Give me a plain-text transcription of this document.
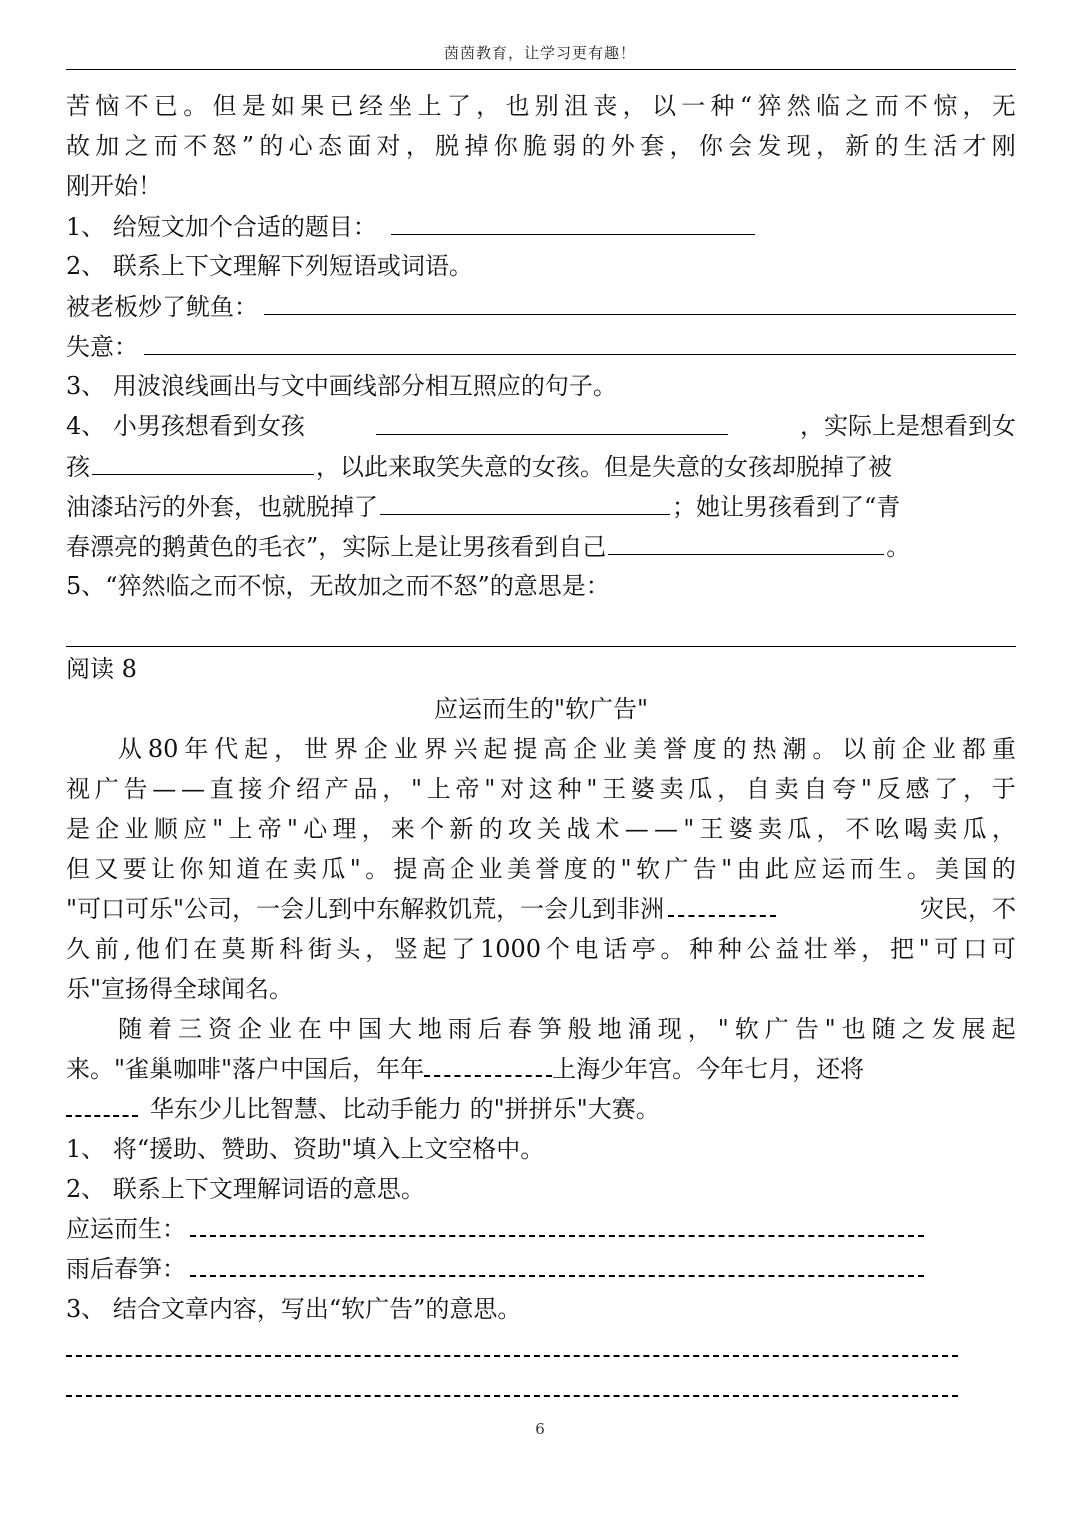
茵茵教育，让学习更有趣！
苦 恼 不 已 。 但 是 如 果 已 经 坐 上 了 ， 也 别 沮 丧 ， 以 一 种 “ 猝 然 临 之 而 不 惊 ， 无
故 加 之 而 不 怒 ” 的 心 态 面 对 ， 脱 掉 你 脆 弱 的 外 套 ， 你 会 发 现 ， 新 的 生 活 才 刚
刚开始！
1、 给短文加个合适的题目：
2、 联系上下文理解下列短语或词语。
被老板炒了鱿鱼：
失意：
3、 用波浪线画出与文中画线部分相互照应的句子。
4、 小男孩想看到女孩	，实际上是想看到女
孩	，以此来取笑失意的女孩。但是失意的女孩却脱掉了被
油漆玷污的外套，也就脱掉了	；她让男孩看到了“青
春漂亮的鹅黄色的毛衣”，实际上是让男孩看到自己	。
5、“猝然临之而不惊，无故加之而不怒”的意思是：
阅读 8
应运而生的"软广告"
从 80 年 代 起 ， 世 界 企 业 界 兴 起 提 高 企 业 美 誉 度 的 热 潮 。 以 前 企 业 都 重
视 广 告 — — 直 接 介 绍 产 品 ， " 上 帝 " 对 这 种 " 王 婆 卖 瓜 ， 自 卖 自 夸 " 反 感 了 ， 于
是 企 业 顺 应 " 上 帝 " 心 理 ， 来 个 新 的 攻 关 战 术 — — " 王 婆 卖 瓜 ， 不 吆 喝 卖 瓜 ，
但 又 要 让 你 知 道 在 卖 瓜 " 。 提 高 企 业 美 誉 度 的 " 软 广 告 " 由 此 应 运 而 生 。 美 国 的
"可口可乐"公司，一会儿到中东解救饥荒，一会儿到非洲	灾民，不
久 前 , 他 们 在 莫 斯 科 街 头 ， 竖 起 了 1000 个 电 话 亭 。 种 种 公 益 壮 举 ， 把 " 可 口 可
乐"宣扬得全球闻名。
随 着 三 资 企 业 在 中 国 大 地 雨 后 春 笋 般 地 涌 现 ， " 软 广 告 " 也 随 之 发 展 起
来。"雀巢咖啡"落户中国后，年年	上海少年宫。今年七月，还将
华东少儿比智慧、比动手能力 的"拼拼乐"大赛。
1、 将“援助、赞助、资助"填入上文空格中。
2、 联系上下文理解词语的意思。
应运而生：
雨后春笋：
3、 结合文章内容，写出“软广告”的意思。
6
